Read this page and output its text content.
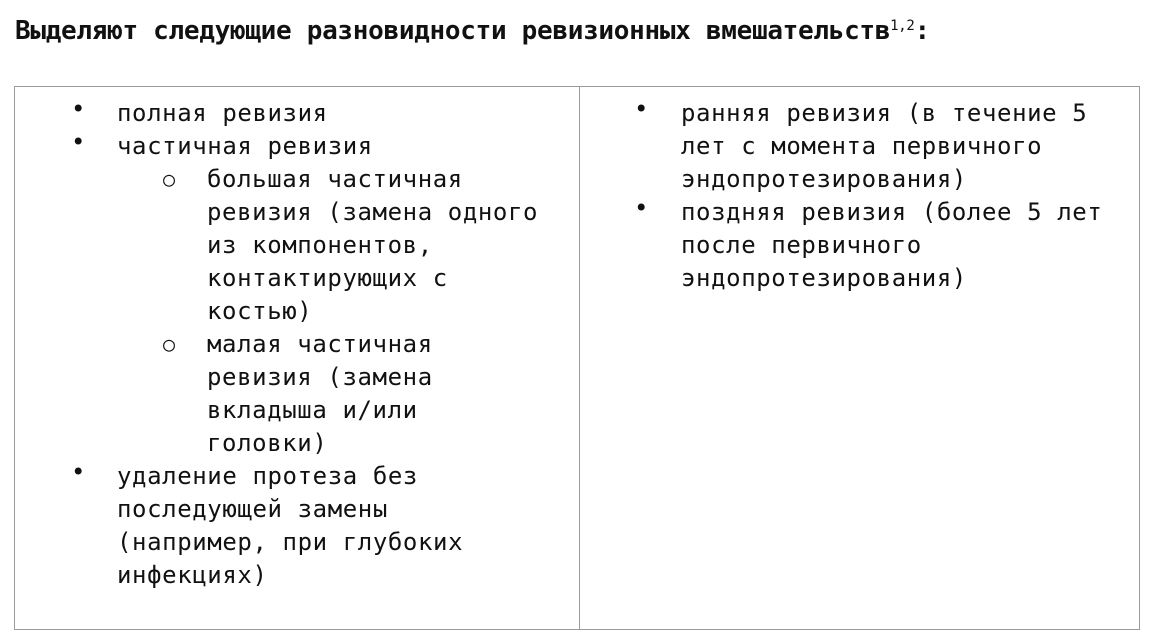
Выделяют следующие разновидности ревизионных вмешательств$^{1,2}$:
• полная ревизия
• частичная ревизия
○ большая частичная ревизия (замена одного из компонентов, контактирующих с костью)
○ малая частичная ревизия (замена вкладыша и/или головки)
• удаление протеза без последующей замены (например, при глубоких инфекциях)
• ранняя ревизия (в течение 5 лет с момента первичного эндопротезирования)
• поздняя ревизия (более 5 лет после первичного эндопротезирования)
